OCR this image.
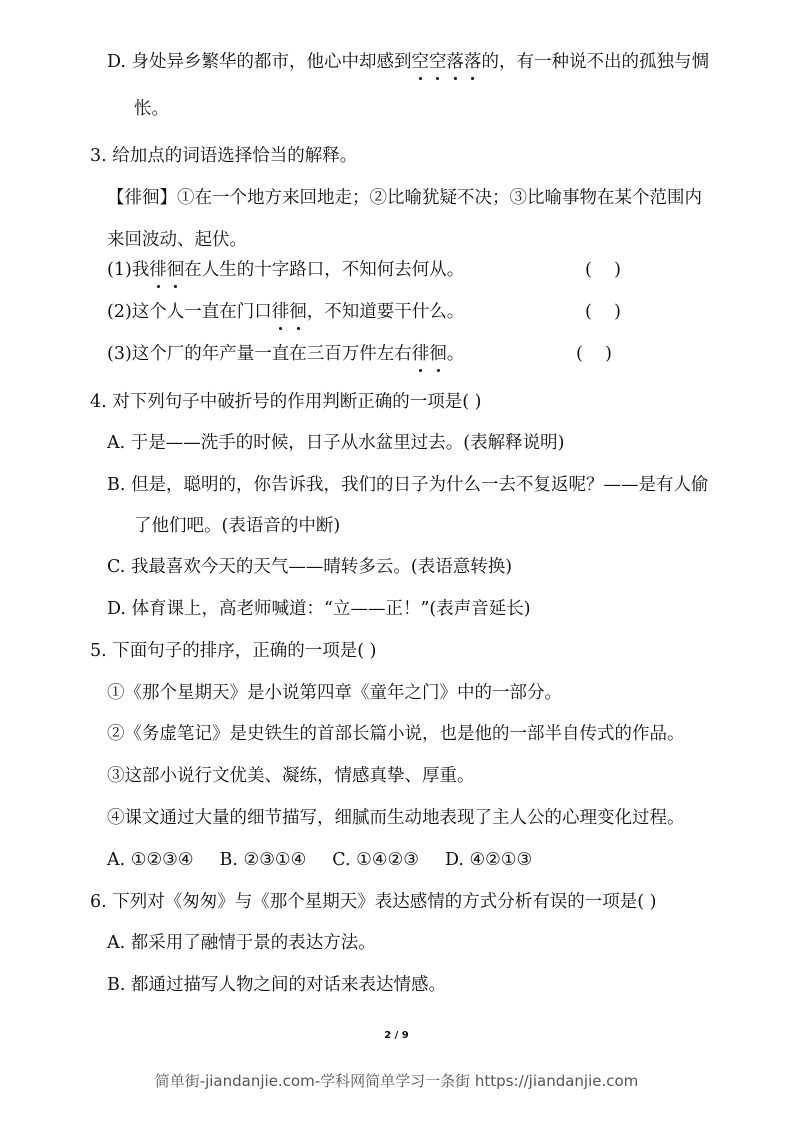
D. 身处异乡繁华的都市，他心中却感到空空落落的，有一种说不出的孤独与惆
怅。
3. 给加点的词语选择恰当的解释。
【徘徊】①在一个地方来回地走；②比喻犹疑不决；③比喻事物在某个范围内
来回波动、起伏。
(1)我徘徊在人生的十字路口，不知何去何从。	(    )
(2)这个人一直在门口徘徊，不知道要干什么。	(    )
(3)这个厂的年产量一直在三百万件左右徘徊。	(    )
4. 对下列句子中破折号的作用判断正确的一项是( )
A. 于是——洗手的时候，日子从水盆里过去。(表解释说明)
B. 但是，聪明的，你告诉我，我们的日子为什么一去不复返呢？——是有人偷
了他们吧。(表语音的中断)
C. 我最喜欢今天的天气——晴转多云。(表语意转换)
D. 体育课上，高老师喊道：“立——正！”(表声音延长)
5. 下面句子的排序，正确的一项是( )
①《那个星期天》是小说第四章《童年之门》中的一部分。
②《务虚笔记》是史铁生的首部长篇小说，也是他的一部半自传式的作品。
③这部小说行文优美、凝练，情感真挚、厚重。
④课文通过大量的细节描写，细腻而生动地表现了主人公的心理变化过程。
A. ①②③④ B. ②③①④ C. ①④②③ D. ④②①③
6. 下列对《匆匆》与《那个星期天》表达感情的方式分析有误的一项是( )
A. 都采用了融情于景的表达方法。
B. 都通过描写人物之间的对话来表达情感。
2 / 9
简单街-jiandanjie.com-学科网简单学习一条街 https://jiandanjie.com
